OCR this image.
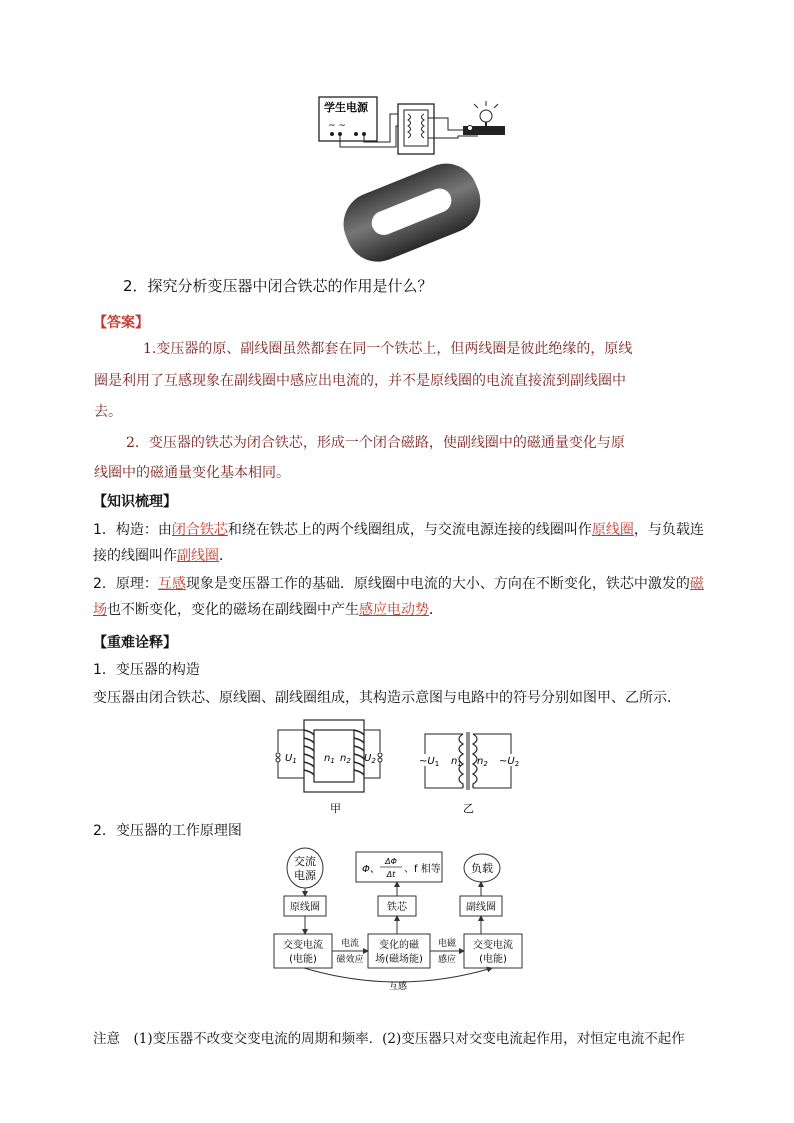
学生电源
~ ~
2．探究分析变压器中闭合铁芯的作用是什么？
【答案】
1.变压器的原、副线圈虽然都套在同一个铁芯上，但两线圈是彼此绝缘的，原线
圈是利用了互感现象在副线圈中感应出电流的，并不是原线圈的电流直接流到副线圈中
去。
2．变压器的铁芯为闭合铁芯，形成一个闭合磁路，使副线圈中的磁通量变化与原
线圈中的磁通量变化基本相同。
【知识梳理】
1．构造：由闭合铁芯和绕在铁芯上的两个线圈组成，与交流电源连接的线圈叫作原线圈，与负载连
接的线圈叫作副线圈．
2．原理：互感现象是变压器工作的基础．原线圈中电流的大小、方向在不断变化，铁芯中激发的磁
场也不断变化，变化的磁场在副线圈中产生感应电动势．
【重难诠释】
1．变压器的构造
变压器由闭合铁芯、原线圈、副线圈组成，其构造示意图与电路中的符号分别如图甲、乙所示．
$U_1$	$n_1$ $n_2$ $U_2$
甲
$\sim U_1$ $n_1$ $n_2$ $\sim U_2$
乙
2．变压器的工作原理图
交流
电源	Φ、
ΔΦ
Δt 、f 相等	负载
原线圈	铁芯	副线圈
交变电流
(电能)
变化的磁
场(磁场能)
交变电流
(电能)
电流
磁效应
电磁
感应
互感
注意　(1)变压器不改变交变电流的周期和频率．(2)变压器只对交变电流起作用，对恒定电流不起作
